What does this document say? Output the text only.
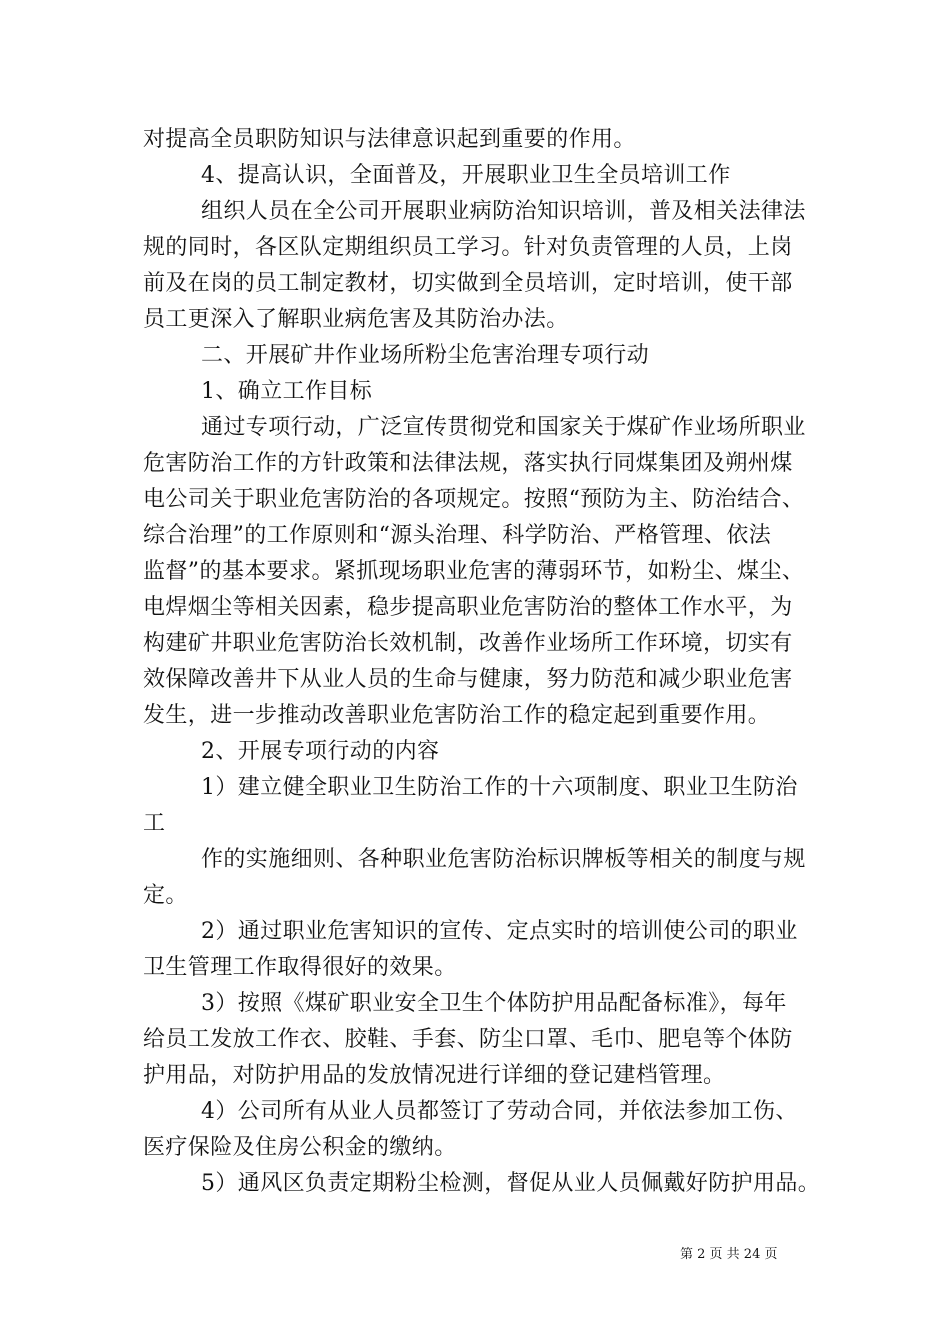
对提高全员职防知识与法律意识起到重要的作用。
4、提高认识，全面普及，开展职业卫生全员培训工作
组织人员在全公司开展职业病防治知识培训，普及相关法律法
规的同时，各区队定期组织员工学习。针对负责管理的人员，上岗
前及在岗的员工制定教材，切实做到全员培训，定时培训，使干部
员工更深入了解职业病危害及其防治办法。
二、开展矿井作业场所粉尘危害治理专项行动
1、确立工作目标
通过专项行动，广泛宣传贯彻党和国家关于煤矿作业场所职业
危害防治工作的方针政策和法律法规，落实执行同煤集团及朔州煤
电公司关于职业危害防治的各项规定。按照“预防为主、防治结合、
综合治理”的工作原则和“源头治理、科学防治、严格管理、依法
监督”的基本要求。紧抓现场职业危害的薄弱环节，如粉尘、煤尘、
电焊烟尘等相关因素，稳步提高职业危害防治的整体工作水平，为
构建矿井职业危害防治长效机制，改善作业场所工作环境，切实有
效保障改善井下从业人员的生命与健康，努力防范和减少职业危害
发生，进一步推动改善职业危害防治工作的稳定起到重要作用。
2、开展专项行动的内容
1）建立健全职业卫生防治工作的十六项制度、职业卫生防治
工
作的实施细则、各种职业危害防治标识牌板等相关的制度与规
定。
2）通过职业危害知识的宣传、定点实时的培训使公司的职业
卫生管理工作取得很好的效果。
3）按照《煤矿职业安全卫生个体防护用品配备标准》，每年
给员工发放工作衣、胶鞋、手套、防尘口罩、毛巾、肥皂等个体防
护用品，对防护用品的发放情况进行详细的登记建档管理。
4）公司所有从业人员都签订了劳动合同，并依法参加工伤、
医疗保险及住房公积金的缴纳。
5）通风区负责定期粉尘检测，督促从业人员佩戴好防护用品。
第 2 页 共 24 页
